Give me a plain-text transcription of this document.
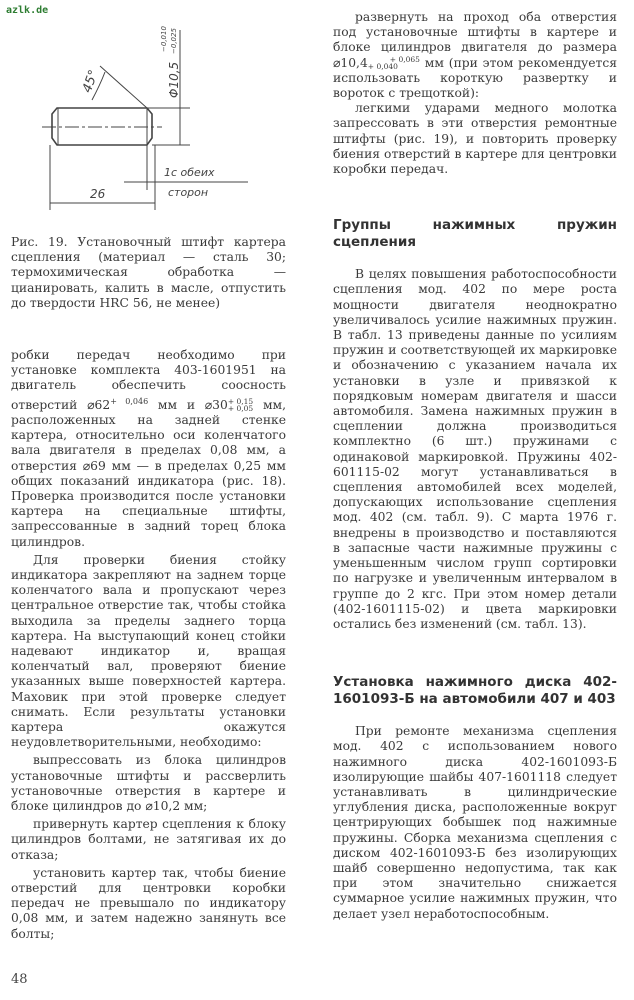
azlk.de
45°	Φ10,5
−0,010 −0,025
26
1с обеих
сторон
Рис. 19. Установочный штифт картера сцепления (материал — сталь 30; термохимическая обработка — цианировать, калить в масле, отпустить до твердости HRC 56, не менее)

робки передач необходимо при установке комплекта 403-1601951 на двигатель обеспечить соосность отверстий $⌀62^{+ 0,046}$ мм и ⌀30+ 0,15
+ 0,05 мм, расположенных на задней стенке картера, относительно оси коленчатого вала двигателя в пределах 0,08 мм, а отверстия ⌀69 мм — в пределах 0,25 мм общих показаний индикатора (рис. 18). Проверка производится после установки картера на специальные штифты, запрессованные в задний торец блока цилиндров.

Для проверки биения стойку индикатора закрепляют на заднем торце коленчатого вала и пропускают через центральное отверстие так, чтобы стойка выходила за пределы заднего торца картера. На выступающий конец стойки надевают индикатор и, вращая коленчатый вал, проверяют биение указанных выше поверхностей картера. Маховик при этой проверке следует снимать. Если результаты установки картера окажутся неудовлетворительными, необходимо:

выпрессовать из блока цилиндров установочные штифты и рассверлить установочные отверстия в картере и блоке цилиндров до ⌀10,2 мм;

привернуть картер сцепления к блоку цилиндров болтами, не затягивая их до отказа;

установить картер так, чтобы биение отверстий для центровки коробки передач не превышало по индикатору 0,08 мм, и затем надежно занянуть все болты;

48

развернуть на проход оба отверстия под установочные штифты в картере и блоке цилиндров двигателя до размера ⌀10,4	+ 0,065
+ 0,040 мм (при этом рекомендуется использовать короткую развертку и вороток с трещоткой):

легкими ударами медного молотка запрессовать в эти отверстия ремонтные штифты (рис. 19), и повторить проверку биения отверстий в картере для центровки коробки передач.

Группы нажимных пружин сцепления

В целях повышения работоспособности сцепления мод. 402 по мере роста мощности двигателя неоднократно увеличивалось усилие нажимных пружин. В табл. 13 приведены данные по усилиям пружин и соответствующей их маркировке и обозначению с указанием начала их установки в узле и привязкой к порядковым номерам двигателя и шасси автомобиля. Замена нажимных пружин в сцеплении должна производиться комплектно (6 шт.) пружинами с одинаковой маркировкой. Пружины 402-601115-02 могут устанавливаться в сцепления автомобилей всех моделей, допускающих использование сцепления мод. 402 (см. табл. 9). С марта 1976 г. внедрены в производство и поставляются в запасные части нажимные пружины с уменьшенным числом групп сортировки по нагрузке и увеличенным интервалом в группе до 2 кгс. При этом номер детали (402-1601115-02) и цвета маркировки остались без изменений (см. табл. 13).

Установка нажимного диска 402-1601093-Б на автомобили 407 и 403

При ремонте механизма сцепления мод. 402 с использованием нового нажимного диска 402-1601093-Б изолирующие шайбы 407-1601118 следует устанавливать в цилиндрические углубления диска, расположенные вокруг центрирующих бобышек под нажимные пружины. Сборка механизма сцепления с диском 402-1601093-Б без изолирующих шайб совершенно недопустима, так как при этом значительно снижается суммарное усилие нажимных пружин, что делает узел неработоспособным.
